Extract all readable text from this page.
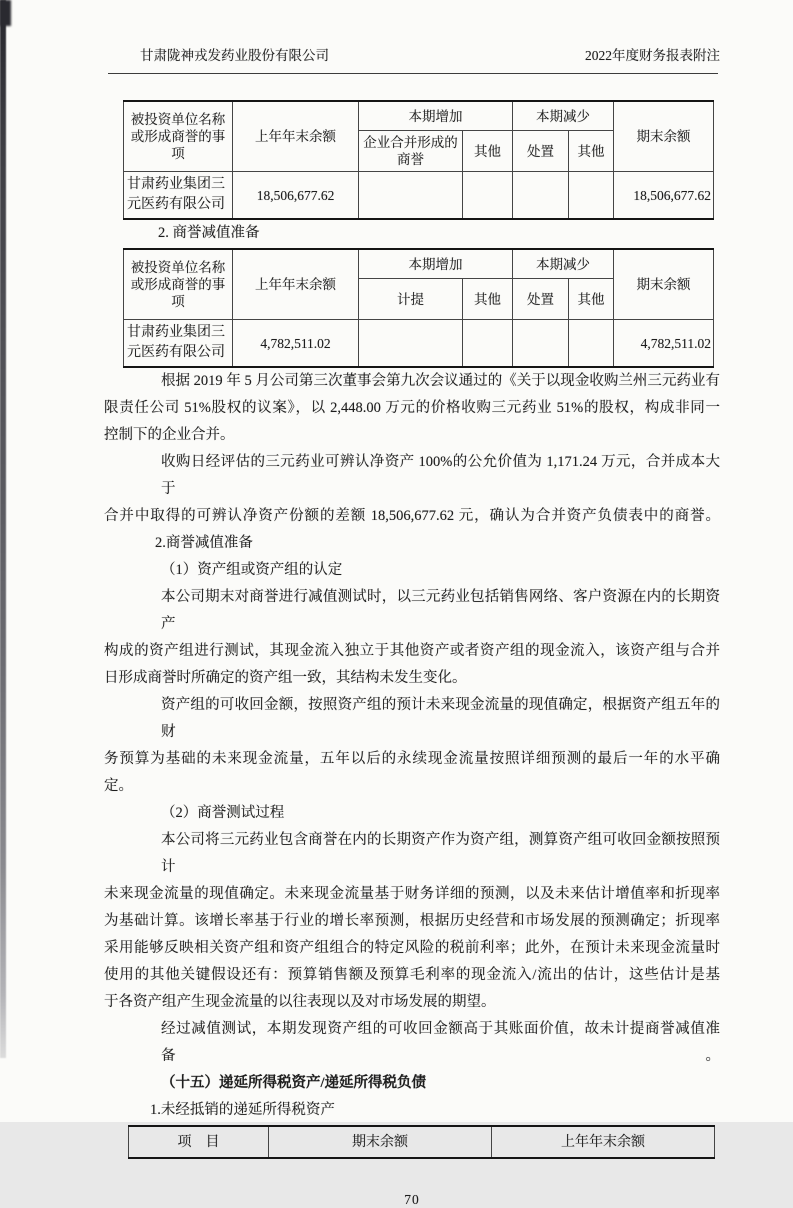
甘肃陇神戎发药业股份有限公司	2022年度财务报表附注
被投资单位名称或形成商誉的事项	上年年末余额	本期增加		本期减少		期末余额
		企业合并形成的商誉	其他	处置	其他	
甘肃药业集团三元医药有限公司	18,506,677.62					18,506,677.62
2. 商誉减值准备
被投资单位名称或形成商誉的事项	上年年末余额	本期增加		本期减少		期末余额
		计提	其他	处置	其他	
甘肃药业集团三元医药有限公司	4,782,511.02					4,782,511.02
根据 2019 年 5 月公司第三次董事会第九次会议通过的《关于以现金收购兰州三元药业有
限责任公司 51%股权的议案》，以 2,448.00 万元的价格收购三元药业 51%的股权，构成非同一
控制下的企业合并。
收购日经评估的三元药业可辨认净资产 100%的公允价值为 1,171.24 万元，合并成本大于
合并中取得的可辨认净资产份额的差额 18,506,677.62 元，确认为合并资产负债表中的商誉。
2.商誉减值准备
（1）资产组或资产组的认定
本公司期末对商誉进行减值测试时，以三元药业包括销售网络、客户资源在内的长期资产
构成的资产组进行测试，其现金流入独立于其他资产或者资产组的现金流入，该资产组与合并
日形成商誉时所确定的资产组一致，其结构未发生变化。
资产组的可收回金额，按照资产组的预计未来现金流量的现值确定，根据资产组五年的财
务预算为基础的未来现金流量，五年以后的永续现金流量按照详细预测的最后一年的水平确
定。
（2）商誉测试过程
本公司将三元药业包含商誉在内的长期资产作为资产组，测算资产组可收回金额按照预计
未来现金流量的现值确定。未来现金流量基于财务详细的预测，以及未来估计增值率和折现率
为基础计算。该增长率基于行业的增长率预测，根据历史经营和市场发展的预测确定；折现率
采用能够反映相关资产组和资产组组合的特定风险的税前利率；此外，在预计未来现金流量时
使用的其他关键假设还有：预算销售额及预算毛利率的现金流入/流出的估计，这些估计是基
于各资产组产生现金流量的以往表现以及对市场发展的期望。
经过减值测试，本期发现资产组的可收回金额高于其账面价值，故未计提商誉减值准备。
（十五）递延所得税资产/递延所得税负债
1.未经抵销的递延所得税资产
项　目	期末余额	上年年末余额
70
